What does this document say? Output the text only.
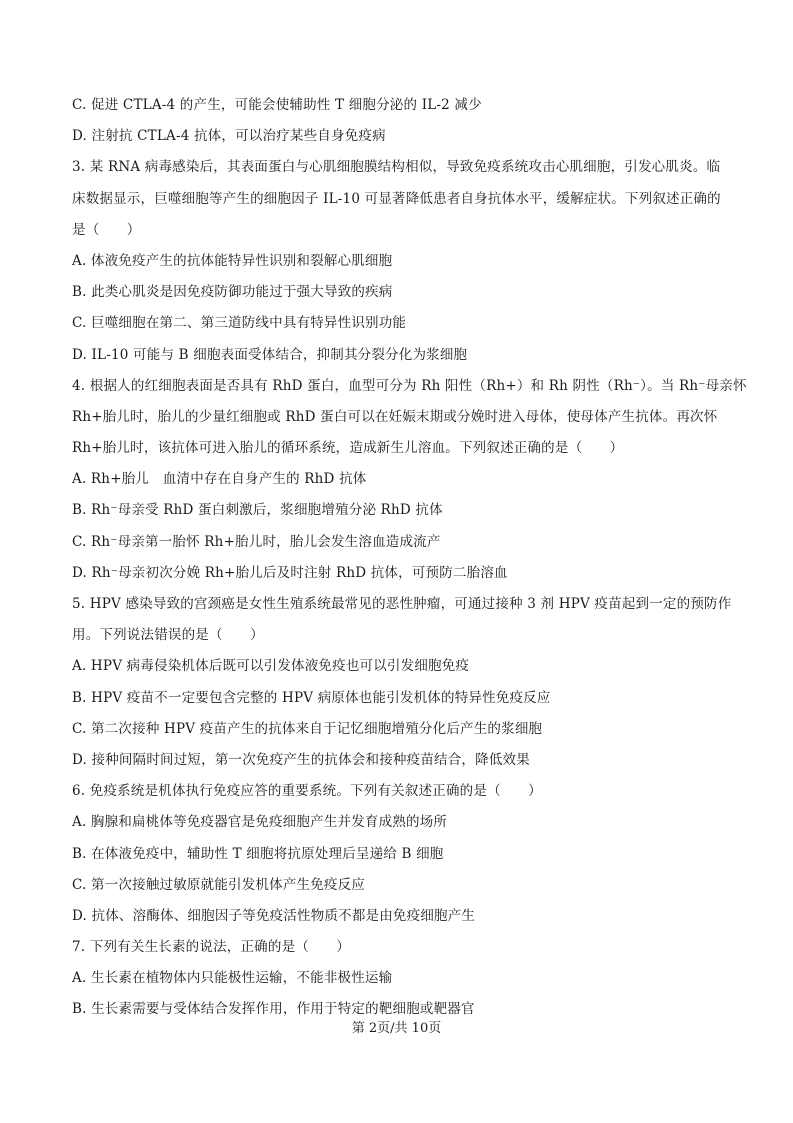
C. 促进 CTLA-4 的产生，可能会使辅助性 T 细胞分泌的 IL-2 减少
D. 注射抗 CTLA-4 抗体，可以治疗某些自身免疫病
3. 某 RNA 病毒感染后，其表面蛋白与心肌细胞膜结构相似，导致免疫系统攻击心肌细胞，引发心肌炎。临
床数据显示，巨噬细胞等产生的细胞因子 IL-10 可显著降低患者自身抗体水平，缓解症状。下列叙述正确的
是（　　）
A. 体液免疫产生的抗体能特异性识别和裂解心肌细胞
B. 此类心肌炎是因免疫防御功能过于强大导致的疾病
C. 巨噬细胞在第二、第三道防线中具有特异性识别功能
D. IL-10 可能与 B 细胞表面受体结合，抑制其分裂分化为浆细胞
4. 根据人的红细胞表面是否具有 RhD 蛋白，血型可分为 Rh 阳性（Rh+）和 Rh 阴性（Rh⁻）。当 Rh⁻母亲怀
Rh+胎儿时，胎儿的少量红细胞或 RhD 蛋白可以在妊娠末期或分娩时进入母体，使母体产生抗体。再次怀
Rh+胎儿时，该抗体可进入胎儿的循环系统，造成新生儿溶血。下列叙述正确的是（　　）
A. Rh+胎儿　血清中存在自身产生的 RhD 抗体
B. Rh⁻母亲受 RhD 蛋白刺激后，浆细胞增殖分泌 RhD 抗体
C. Rh⁻母亲第一胎怀 Rh+胎儿时，胎儿会发生溶血造成流产
D. Rh⁻母亲初次分娩 Rh+胎儿后及时注射 RhD 抗体，可预防二胎溶血
5. HPV 感染导致的宫颈癌是女性生殖系统最常见的恶性肿瘤，可通过接种 3 剂 HPV 疫苗起到一定的预防作
用。下列说法错误的是（　　）
A. HPV 病毒侵染机体后既可以引发体液免疫也可以引发细胞免疫
B. HPV 疫苗不一定要包含完整的 HPV 病原体也能引发机体的特异性免疫反应
C. 第二次接种 HPV 疫苗产生的抗体来自于记忆细胞增殖分化后产生的浆细胞
D. 接种间隔时间过短，第一次免疫产生的抗体会和接种疫苗结合，降低效果
6. 免疫系统是机体执行免疫应答的重要系统。下列有关叙述正确的是（　　）
A. 胸腺和扁桃体等免疫器官是免疫细胞产生并发育成熟的场所
B. 在体液免疫中，辅助性 T 细胞将抗原处理后呈递给 B 细胞
C. 第一次接触过敏原就能引发机体产生免疫反应
D. 抗体、溶酶体、细胞因子等免疫活性物质不都是由免疫细胞产生
7. 下列有关生长素的说法，正确的是（　　）
A. 生长素在植物体内只能极性运输，不能非极性运输
B. 生长素需要与受体结合发挥作用，作用于特定的靶细胞或靶器官
第 2页/共 10页
